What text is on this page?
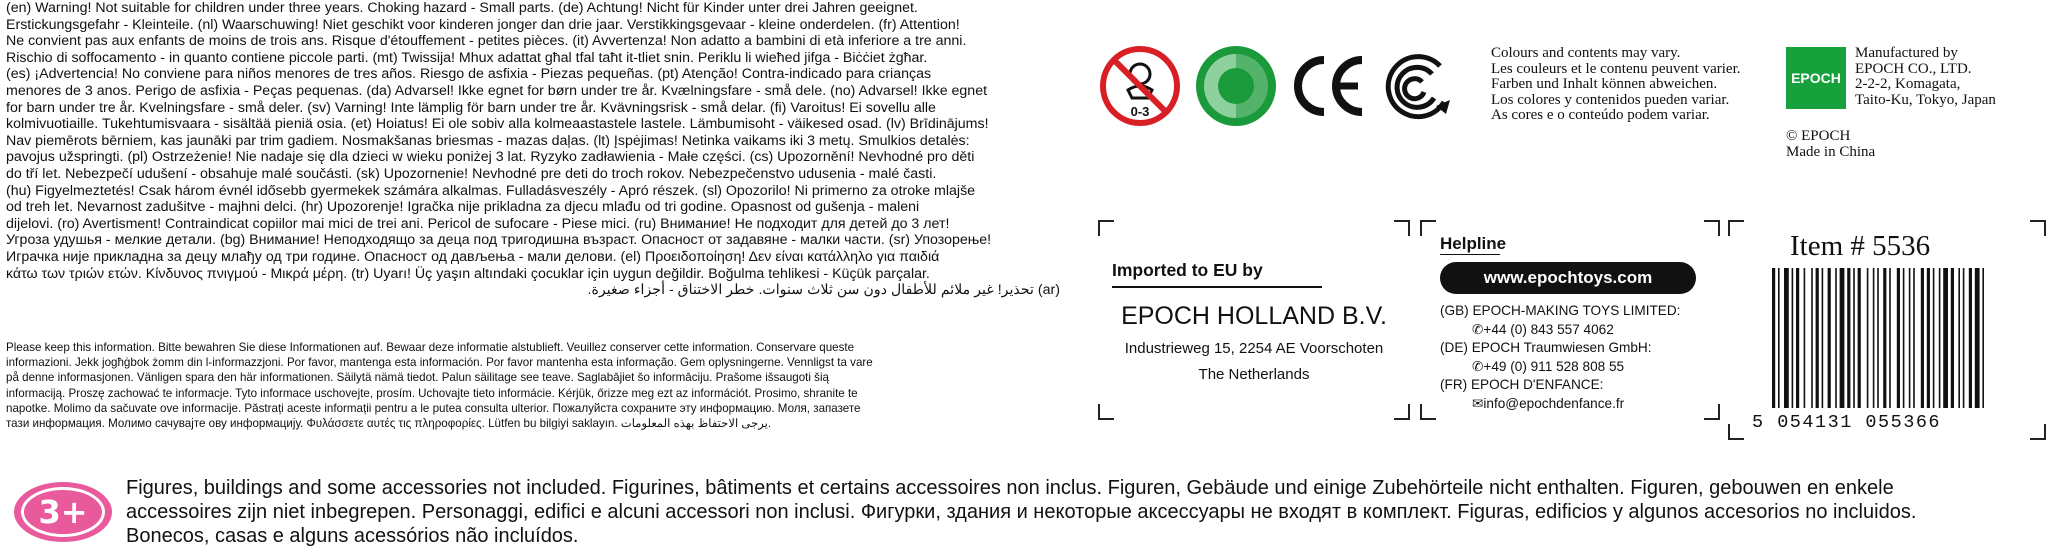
(en) Warning! Not suitable for children under three years. Choking hazard - Small parts. (de) Achtung! Nicht für Kinder unter drei Jahren geeignet.

Erstickungsgefahr - Kleinteile. (nl) Waarschuwing! Niet geschikt voor kinderen jonger dan drie jaar. Verstikkingsgevaar - kleine onderdelen. (fr) Attention!

Ne convient pas aux enfants de moins de trois ans. Risque d'étouffement - petites pièces. (it) Avvertenza! Non adatto a bambini di età inferiore a tre anni.

Rischio di soffocamento - in quanto contiene piccole parti. (mt) Twissija! Mhux adattat għal tfal taħt it-tliet snin. Periklu li wieħed jifga - Biċċiet żgħar.

(es) ¡Advertencia! No conviene para niños menores de tres años. Riesgo de asfixia - Piezas pequeñas. (pt) Atenção! Contra-indicado para crianças

menores de 3 anos. Perigo de asfixia - Peças pequenas. (da) Advarsel! Ikke egnet for børn under tre år. Kvælningsfare - små dele. (no) Advarsel! Ikke egnet

for barn under tre år. Kvelningsfare - små deler. (sv) Varning! Inte lämplig för barn under tre år. Kvävningsrisk - små delar. (fi) Varoitus! Ei sovellu alle

kolmivuotiaille. Tukehtumisvaara - sisältää pieniä osia. (et) Hoiatus! Ei ole sobiv alla kolmeaastastele lastele. Lämbumisoht - väikesed osad. (lv) Brīdinājums!

Nav piemērots bērniem, kas jaunāki par trim gadiem. Nosmakšanas briesmas - mazas daļas. (lt) Įspėjimas! Netinka vaikams iki 3 metų. Smulkios detalės:

pavojus užspringti. (pl) Ostrzeżenie! Nie nadaje się dla dzieci w wieku poniżej 3 lat. Ryzyko zadławienia - Małe części. (cs) Upozornění! Nevhodné pro děti

do tří let. Nebezpečí udušení - obsahuje malé součásti. (sk) Upozornenie! Nevhodné pre deti do troch rokov. Nebezpečenstvo udusenia - malé časti.

(hu) Figyelmeztetés! Csak három évnél idősebb gyermekek számára alkalmas. Fulladásveszély - Apró részek. (sl) Opozorilo! Ni primerno za otroke mlajše

od treh let. Nevarnost zadušitve - majhni delci. (hr) Upozorenje! Igračka nije prikladna za djecu mlađu od tri godine. Opasnost od gušenja - maleni

dijelovi. (ro) Avertisment! Contraindicat copiilor mai mici de trei ani. Pericol de sufocare - Piese mici. (ru) Внимание! Не подходит для детей до 3 лет!

Угроза удушья - мелкие детали. (bg) Внимание! Неподходящо за деца под тригодишна възраст. Опасност от задавяне - малки части. (sr) Упозорење!

Играчка није прикладна за децу млађу од три године. Опасност од дављења - мали делови. (el) Προειδοποίηση! Δεν είναι κατάλληλο για παιδιά

κάτω των τριών ετών. Κίνδυνος πνιγμού - Μικρά μέρη. (tr) Uyarı! Üç yaşın altındaki çocuklar için uygun değildir. Boğulma tehlikesi - Küçük parçalar.

(ar) تحذير! غير ملائم للأطفال دون سن ثلاث سنوات. خطر الاختناق - أجزاء صغيرة.

Please keep this information. Bitte bewahren Sie diese Informationen auf. Bewaar deze informatie alstublieft. Veuillez conserver cette information. Conservare queste

informazioni. Jekk jogħġbok żomm din l-informazzjoni. Por favor, mantenga esta información. Por favor mantenha esta informação. Gem oplysningerne. Vennligst ta vare

på denne informasjonen. Vänligen spara den här informationen. Säilytä nämä tiedot. Palun säilitage see teave. Saglabājiet šo informāciju. Prašome išsaugoti šią

informaciją. Proszę zachować te informacje. Tyto informace uschovejte, prosím. Uchovajte tieto informácie. Kérjük, őrizze meg ezt az információt. Prosimo, shranite te

napotke. Molimo da sačuvate ove informacije. Păstrați aceste informații pentru a le putea consulta ulterior. Пожалуйста сохраните эту информацию. Моля, запазете

тази информация. Молимо сачувајте ову информацију. Φυλάσσετε αυτές τις πληροφορίες. Lütfen bu bilgiyi saklayın. يرجى الاحتفاظ بهذه المعلومات.

0-3

Colours and contents may vary.

Les couleurs et le contenu peuvent varier.

Farben und Inhalt können abweichen.

Los colores y contenidos pueden variar.

As cores e o conteúdo podem variar.

EPOCH

Manufactured by

EPOCH CO., LTD.

2-2-2, Komagata,

Taito-Ku, Tokyo, Japan

© EPOCH

Made in China

Imported to EU by
EPOCH HOLLAND B.V.
Industrieweg 15, 2254 AE Voorschoten
The Netherlands
Helpline
www.epochtoys.com

(GB) EPOCH-MAKING TOYS LIMITED:

✆+44 (0) 843 557 4062

(DE) EPOCH Traumwiesen GmbH:

✆+49 (0) 911 528 808 55

(FR) EPOCH D'ENFANCE:

✉info@epochdenfance.fr

Item # 5536
5 054131 055366
3+

Figures, buildings and some accessories not included. Figurines, bâtiments et certains accessoires non inclus. Figuren, Gebäude und einige Zubehörteile nicht enthalten. Figuren, gebouwen en enkele

accessoires zijn niet inbegrepen. Personaggi, edifici e alcuni accessori non inclusi. Фигурки, здания и некоторые аксессуары не входят в комплект. Figuras, edificios y algunos accesorios no incluidos.

Bonecos, casas e alguns acessórios não incluídos.
